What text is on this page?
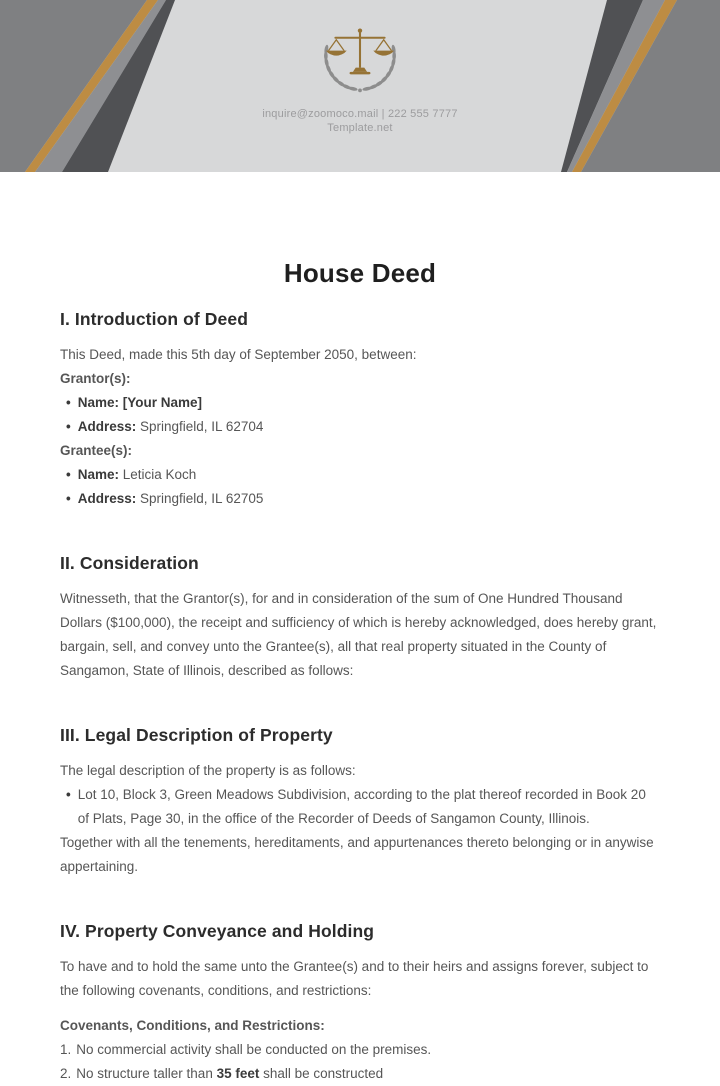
inquire@zoomoco.mail | 222 555 7777
Template.net
House Deed
I. Introduction of Deed

This Deed, made this 5th day of September 2050, between:

Grantor(s):

• Name: [Your Name]
• Address: Springfield, IL 62704

Grantee(s):

• Name: Leticia Koch
• Address: Springfield, IL 62705
II. Consideration

Witnesseth, that the Grantor(s), for and in consideration of the sum of One Hundred Thousand Dollars ($100,000), the receipt and sufficiency of which is hereby acknowledged, does hereby grant, bargain, sell, and convey unto the Grantee(s), all that real property situated in the County of Sangamon, State of Illinois, described as follows:

III. Legal Description of Property

The legal description of the property is as follows:

• Lot 10, Block 3, Green Meadows Subdivision, according to the plat thereof recorded in Book 20 of Plats, Page 30, in the office of the Recorder of Deeds of Sangamon County, Illinois.

Together with all the tenements, hereditaments, and appurtenances thereto belonging or in anywise appertaining.

IV. Property Conveyance and Holding

To have and to hold the same unto the Grantee(s) and to their heirs and assigns forever, subject to the following covenants, conditions, and restrictions:

Covenants, Conditions, and Restrictions:

1. No commercial activity shall be conducted on the premises.
2. No structure taller than 35 feet shall be constructed
